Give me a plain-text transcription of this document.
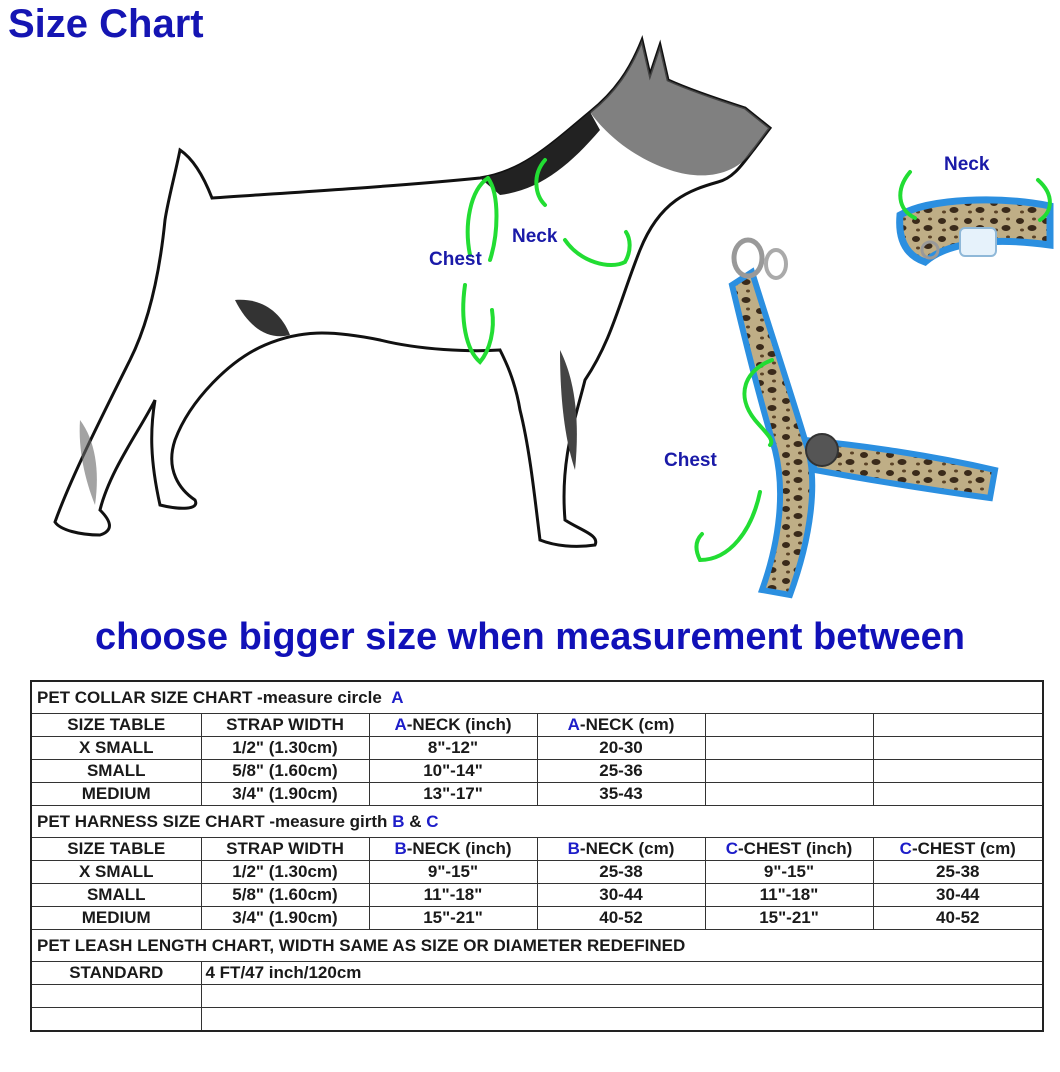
Size Chart
Chest
Neck
Neck
Chest
choose bigger size when measurement between
PET COLLAR SIZE CHART -measure circle A					
SIZE TABLE	STRAP WIDTH	A-NECK (inch)	A-NECK (cm)		
X SMALL	1/2" (1.30cm)	8"-12"	20-30		
SMALL	5/8" (1.60cm)	10"-14"	25-36		
MEDIUM	3/4" (1.90cm)	13"-17"	35-43		
PET HARNESS SIZE CHART -measure girth B & C					
SIZE TABLE	STRAP WIDTH	B-NECK (inch)	B-NECK (cm)	C-CHEST (inch)	C-CHEST (cm)
X SMALL	1/2" (1.30cm)	9"-15"	25-38	9"-15"	25-38
SMALL	5/8" (1.60cm)	11"-18"	30-44	11"-18"	30-44
MEDIUM	3/4" (1.90cm)	15"-21"	40-52	15"-21"	40-52
PET LEASH LENGTH CHART, WIDTH SAME AS SIZE OR DIAMETER REDEFINED					
STANDARD	4 FT/47 inch/120cm				
